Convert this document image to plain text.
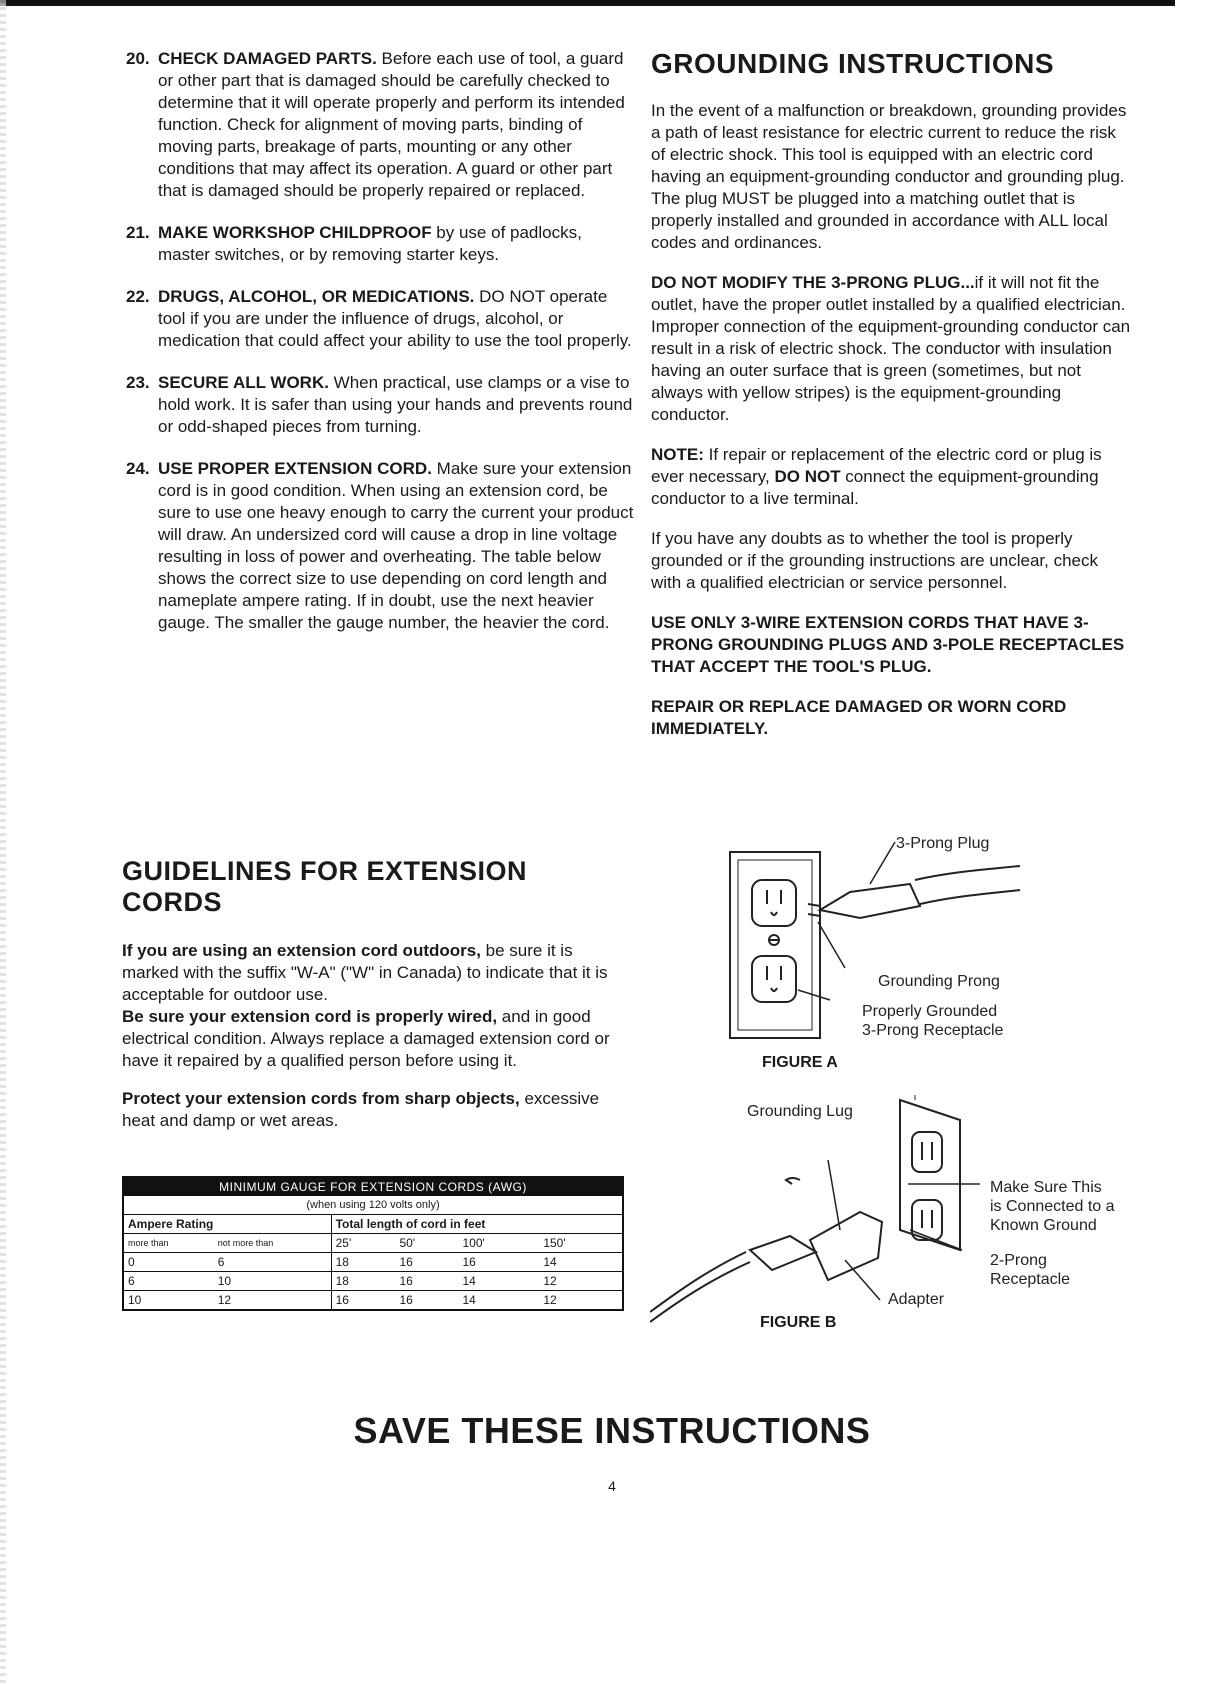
20. CHECK DAMAGED PARTS. Before each use of tool, a guard or other part that is damaged should be carefully checked to determine that it will operate properly and perform its intended function. Check for alignment of moving parts, binding of moving parts, breakage of parts, mounting or any other conditions that may affect its operation. A guard or other part that is damaged should be properly repaired or replaced.
21. MAKE WORKSHOP CHILDPROOF by use of padlocks, master switches, or by removing starter keys.
22. DRUGS, ALCOHOL, OR MEDICATIONS. DO NOT operate tool if you are under the influence of drugs, alcohol, or medication that could affect your ability to use the tool properly.
23. SECURE ALL WORK. When practical, use clamps or a vise to hold work. It is safer than using your hands and prevents round or odd-shaped pieces from turning.
24. USE PROPER EXTENSION CORD. Make sure your extension cord is in good condition. When using an extension cord, be sure to use one heavy enough to carry the current your product will draw. An undersized cord will cause a drop in line voltage resulting in loss of power and overheating. The table below shows the correct size to use depending on cord length and nameplate ampere rating. If in doubt, use the next heavier gauge. The smaller the gauge number, the heavier the cord.
GROUNDING INSTRUCTIONS

In the event of a malfunction or breakdown, grounding provides a path of least resistance for electric current to reduce the risk of electric shock. This tool is equipped with an electric cord having an equipment-grounding conductor and grounding plug. The plug MUST be plugged into a matching outlet that is properly installed and grounded in accordance with ALL local codes and ordinances.

DO NOT MODIFY THE 3-PRONG PLUG...if it will not fit the outlet, have the proper outlet installed by a qualified electrician. Improper connection of the equipment-grounding conductor can result in a risk of electric shock. The conductor with insulation having an outer surface that is green (sometimes, but not always with yellow stripes) is the equipment-grounding conductor.

NOTE: If repair or replacement of the electric cord or plug is ever necessary, DO NOT connect the equipment-grounding conductor to a live terminal.

If you have any doubts as to whether the tool is properly grounded or if the grounding instructions are unclear, check with a qualified electrician or service personnel.

USE ONLY 3-WIRE EXTENSION CORDS THAT HAVE 3-PRONG GROUNDING PLUGS AND 3-POLE RECEPTACLES THAT ACCEPT THE TOOL'S PLUG.

REPAIR OR REPLACE DAMAGED OR WORN CORD IMMEDIATELY.

GUIDELINES FOR EXTENSION CORDS

If you are using an extension cord outdoors, be sure it is marked with the suffix "W-A" ("W" in Canada) to indicate that it is acceptable for outdoor use.

Be sure your extension cord is properly wired, and in good electrical condition. Always replace a damaged extension cord or have it repaired by a qualified person before using it.

Protect your extension cords from sharp objects, excessive heat and damp or wet areas.

MINIMUM GAUGE FOR EXTENSION CORDS (AWG)					
(when using 120 volts only)					
Ampere Rating		Total length of cord in feet			
more than	not more than	25'	50'	100'	150'
0	6	18	16	16	14
6	10	18	16	14	12
10	12	16	16	14	12
3-Prong Plug
Grounding Prong
Properly Grounded
3-Prong Receptacle
FIGURE A
Grounding Lug
Make Sure This
is Connected to a
Known Ground
2-Prong
Receptacle
Adapter
FIGURE B
SAVE THESE INSTRUCTIONS
4
